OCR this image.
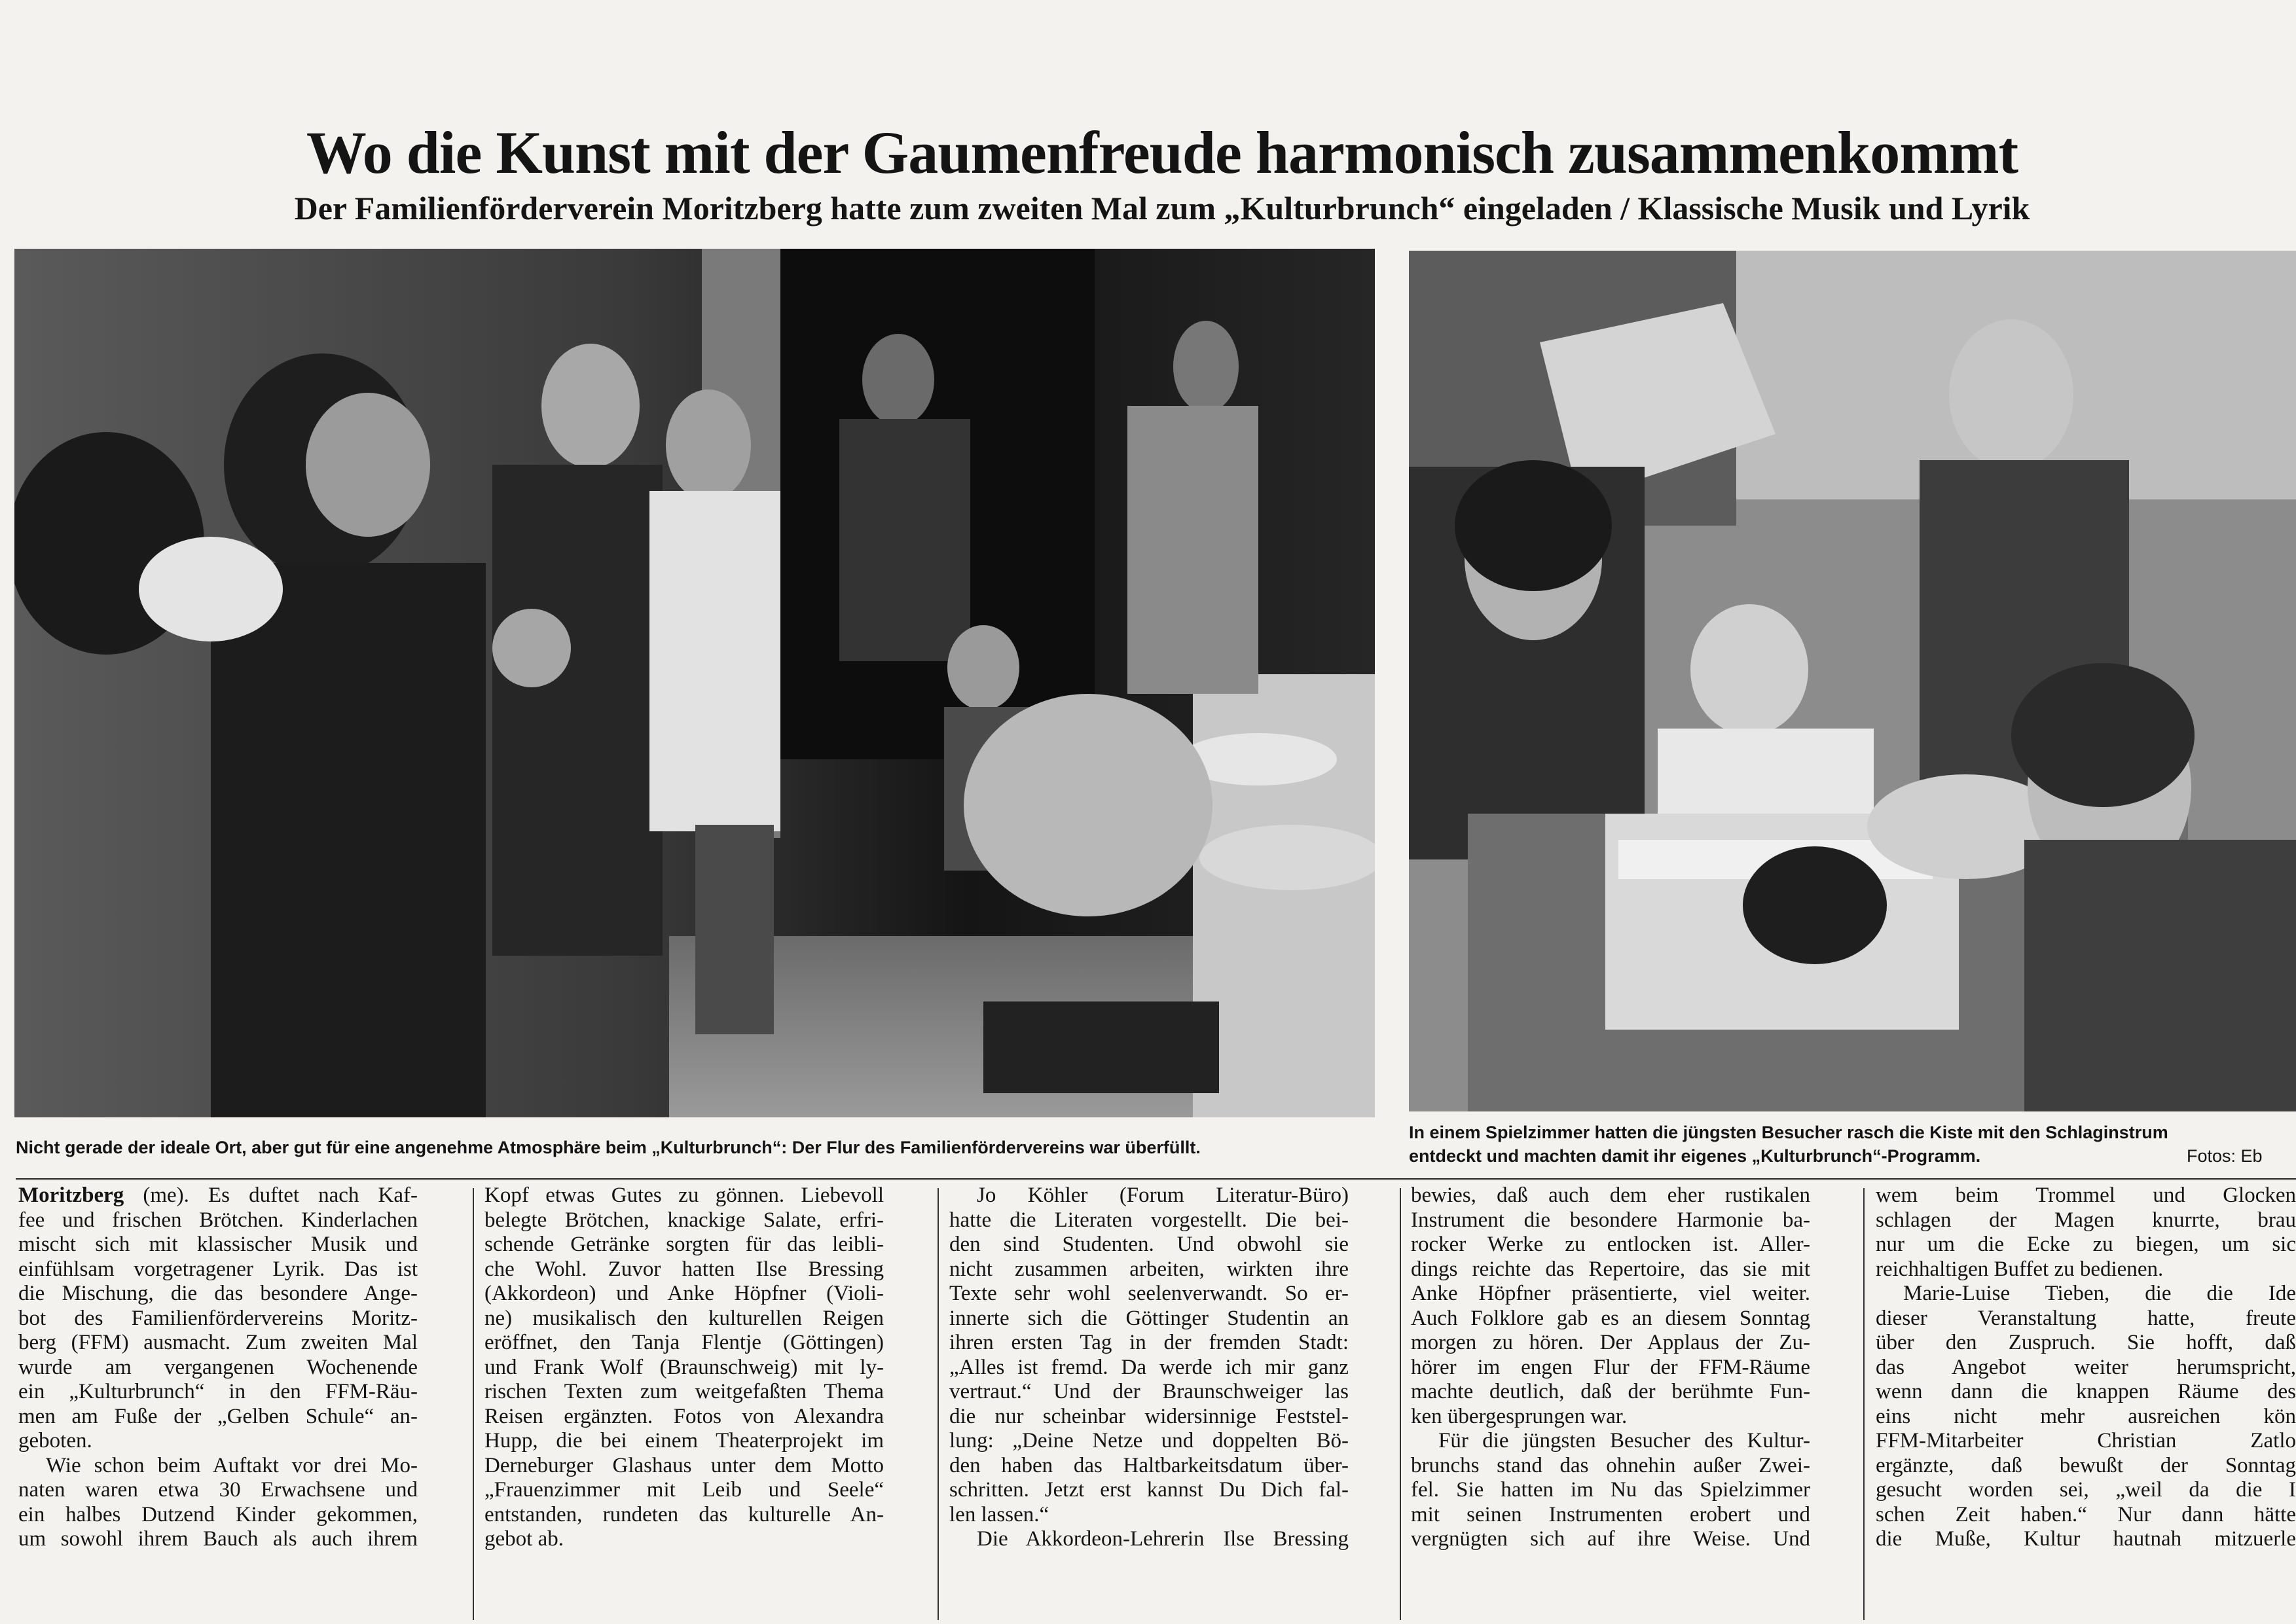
Wo die Kunst mit der Gaumenfreude harmonisch zusammenkommt
Der Familienförderverein Moritzberg hatte zum zweiten Mal zum „Kulturbrunch“ eingeladen / Klassische Musik und Lyrik
Nicht gerade der ideale Ort, aber gut für eine angenehme Atmosphäre beim „Kulturbrunch“: Der Flur des Familienfördervereins war überfüllt.
In einem Spielzimmer hatten die jüngsten Besucher rasch die Kiste mit den Schlaginstrum
entdeckt und machten damit ihr eigenes „Kulturbrunch“-Programm.	Fotos: Eb

Moritzberg (me). Es duftet nach Kaf-
fee und frischen Brötchen. Kinderlachen
mischt sich mit klassischer Musik und
einfühlsam vorgetragener Lyrik. Das ist
die Mischung, die das besondere Ange-
bot des Familienfördervereins Moritz-
berg (FFM) ausmacht. Zum zweiten Mal
wurde am vergangenen Wochenende
ein „Kulturbrunch“ in den FFM-Räu-
men am Fuße der „Gelben Schule“ an-
geboten.

Wie schon beim Auftakt vor drei Mo-
naten waren etwa 30 Erwachsene und
ein halbes Dutzend Kinder gekommen,
um sowohl ihrem Bauch als auch ihrem

Kopf etwas Gutes zu gönnen. Liebevoll
belegte Brötchen, knackige Salate, erfri-
schende Getränke sorgten für das leibli-
che Wohl. Zuvor hatten Ilse Bressing
(Akkordeon) und Anke Höpfner (Violi-
ne) musikalisch den kulturellen Reigen
eröffnet, den Tanja Flentje (Göttingen)
und Frank Wolf (Braunschweig) mit ly-
rischen Texten zum weitgefaßten Thema
Reisen ergänzten. Fotos von Alexandra
Hupp, die bei einem Theaterprojekt im
Derneburger Glashaus unter dem Motto
„Frauenzimmer mit Leib und Seele“
entstanden, rundeten das kulturelle An-
gebot ab.

Jo Köhler (Forum Literatur-Büro)
hatte die Literaten vorgestellt. Die bei-
den sind Studenten. Und obwohl sie
nicht zusammen arbeiten, wirkten ihre
Texte sehr wohl seelenverwandt. So er-
innerte sich die Göttinger Studentin an
ihren ersten Tag in der fremden Stadt:
„Alles ist fremd. Da werde ich mir ganz
vertraut.“ Und der Braunschweiger las
die nur scheinbar widersinnige Feststel-
lung: „Deine Netze und doppelten Bö-
den haben das Haltbarkeitsdatum über-
schritten. Jetzt erst kannst Du Dich fal-
len lassen.“

Die Akkordeon-Lehrerin Ilse Bressing

bewies, daß auch dem eher rustikalen
Instrument die besondere Harmonie ba-
rocker Werke zu entlocken ist. Aller-
dings reichte das Repertoire, das sie mit
Anke Höpfner präsentierte, viel weiter.
Auch Folklore gab es an diesem Sonntag
morgen zu hören. Der Applaus der Zu-
hörer im engen Flur der FFM-Räume
machte deutlich, daß der berühmte Fun-
ken übergesprungen war.

Für die jüngsten Besucher des Kultur-
brunchs stand das ohnehin außer Zwei-
fel. Sie hatten im Nu das Spielzimmer
mit seinen Instrumenten erobert und
vergnügten sich auf ihre Weise. Und

wem beim Trommel und Glocken
schlagen der Magen knurrte, brau
nur um die Ecke zu biegen, um sic
reichhaltigen Buffet zu bedienen.

Marie-Luise Tieben, die die Ide
dieser Veranstaltung hatte, freute
über den Zuspruch. Sie hofft, daß
das Angebot weiter herumspricht,
wenn dann die knappen Räume des
eins nicht mehr ausreichen kön
FFM-Mitarbeiter Christian Zatlo
ergänzte, daß bewußt der Sonntag
gesucht worden sei, „weil da die I
schen Zeit haben.“ Nur dann hätte
die Muße, Kultur hautnah mitzuerle
